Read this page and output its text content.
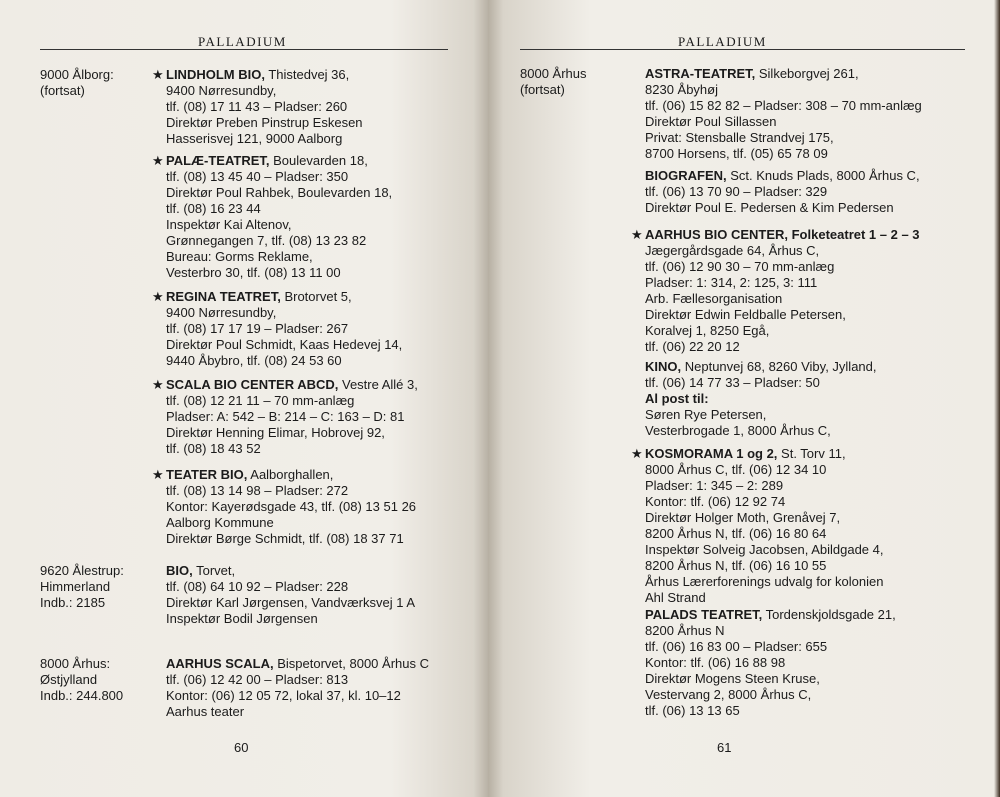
PALLADIUM
9000 Ålborg:
(fortsat)
★ LINDHOLM BIO, Thistedvej 36,
9400 Nørresundby,
tlf. (08) 17 11 43 – Pladser: 260
Direktør Preben Pinstrup Eskesen
Hasserisvej 121, 9000 Aalborg
★ PALÆ-TEATRET, Boulevarden 18,
tlf. (08) 13 45 40 – Pladser: 350
Direktør Poul Rahbek, Boulevarden 18,
tlf. (08) 16 23 44
Inspektør Kai Altenov,
Grønnegangen 7, tlf. (08) 13 23 82
Bureau: Gorms Reklame,
Vesterbro 30, tlf. (08) 13 11 00
★ REGINA TEATRET, Brotorvet 5,
9400 Nørresundby,
tlf. (08) 17 17 19 – Pladser: 267
Direktør Poul Schmidt, Kaas Hedevej 14,
9440 Åbybro, tlf. (08) 24 53 60
★ SCALA BIO CENTER ABCD, Vestre Allé 3,
tlf. (08) 12 21 11 – 70 mm-anlæg
Pladser: A: 542 – B: 214 – C: 163 – D: 81
Direktør Henning Elimar, Hobrovej 92,
tlf. (08) 18 43 52
★ TEATER BIO, Aalborghallen,
tlf. (08) 13 14 98 – Pladser: 272
Kontor: Kayerødsgade 43, tlf. (08) 13 51 26
Aalborg Kommune
Direktør Børge Schmidt, tlf. (08) 18 37 71
9620 Ålestrup:
Himmerland
Indb.: 2185
BIO, Torvet,
tlf. (08) 64 10 92 – Pladser: 228
Direktør Karl Jørgensen, Vandværksvej 1 A
Inspektør Bodil Jørgensen
8000 Århus:
Østjylland
Indb.: 244.800
AARHUS SCALA, Bispetorvet, 8000 Århus C
tlf. (06) 12 42 00 – Pladser: 813
Kontor: (06) 12 05 72, lokal 37, kl. 10–12
Aarhus teater
60
PALLADIUM
8000 Århus
(fortsat)
ASTRA-TEATRET, Silkeborgvej 261,
8230 Åbyhøj
tlf. (06) 15 82 82 – Pladser: 308 – 70 mm-anlæg
Direktør Poul Sillassen
Privat: Stensballe Strandvej 175,
8700 Horsens, tlf. (05) 65 78 09
BIOGRAFEN, Sct. Knuds Plads, 8000 Århus C,
tlf. (06) 13 70 90 – Pladser: 329
Direktør Poul E. Pedersen & Kim Pedersen
★ AARHUS BIO CENTER, Folketeatret 1 – 2 – 3
Jægergårdsgade 64, Århus C,
tlf. (06) 12 90 30 – 70 mm-anlæg
Pladser: 1: 314, 2: 125, 3: 111
Arb. Fællesorganisation
Direktør Edwin Feldballe Petersen,
Koralvej 1, 8250 Egå,
tlf. (06) 22 20 12
KINO, Neptunvej 68, 8260 Viby, Jylland,
tlf. (06) 14 77 33 – Pladser: 50
Al post til:
Søren Rye Petersen,
Vesterbrogade 1, 8000 Århus C,
★ KOSMORAMA 1 og 2, St. Torv 11,
8000 Århus C, tlf. (06) 12 34 10
Pladser: 1: 345 – 2: 289
Kontor: tlf. (06) 12 92 74
Direktør Holger Moth, Grenåvej 7,
8200 Århus N, tlf. (06) 16 80 64
Inspektør Solveig Jacobsen, Abildgade 4,
8200 Århus N, tlf. (06) 16 10 55
Århus Lærerforenings udvalg for kolonien
Ahl Strand
PALADS TEATRET, Tordenskjoldsgade 21,
8200 Århus N
tlf. (06) 16 83 00 – Pladser: 655
Kontor: tlf. (06) 16 88 98
Direktør Mogens Steen Kruse,
Vestervang 2, 8000 Århus C,
tlf. (06) 13 13 65
61
